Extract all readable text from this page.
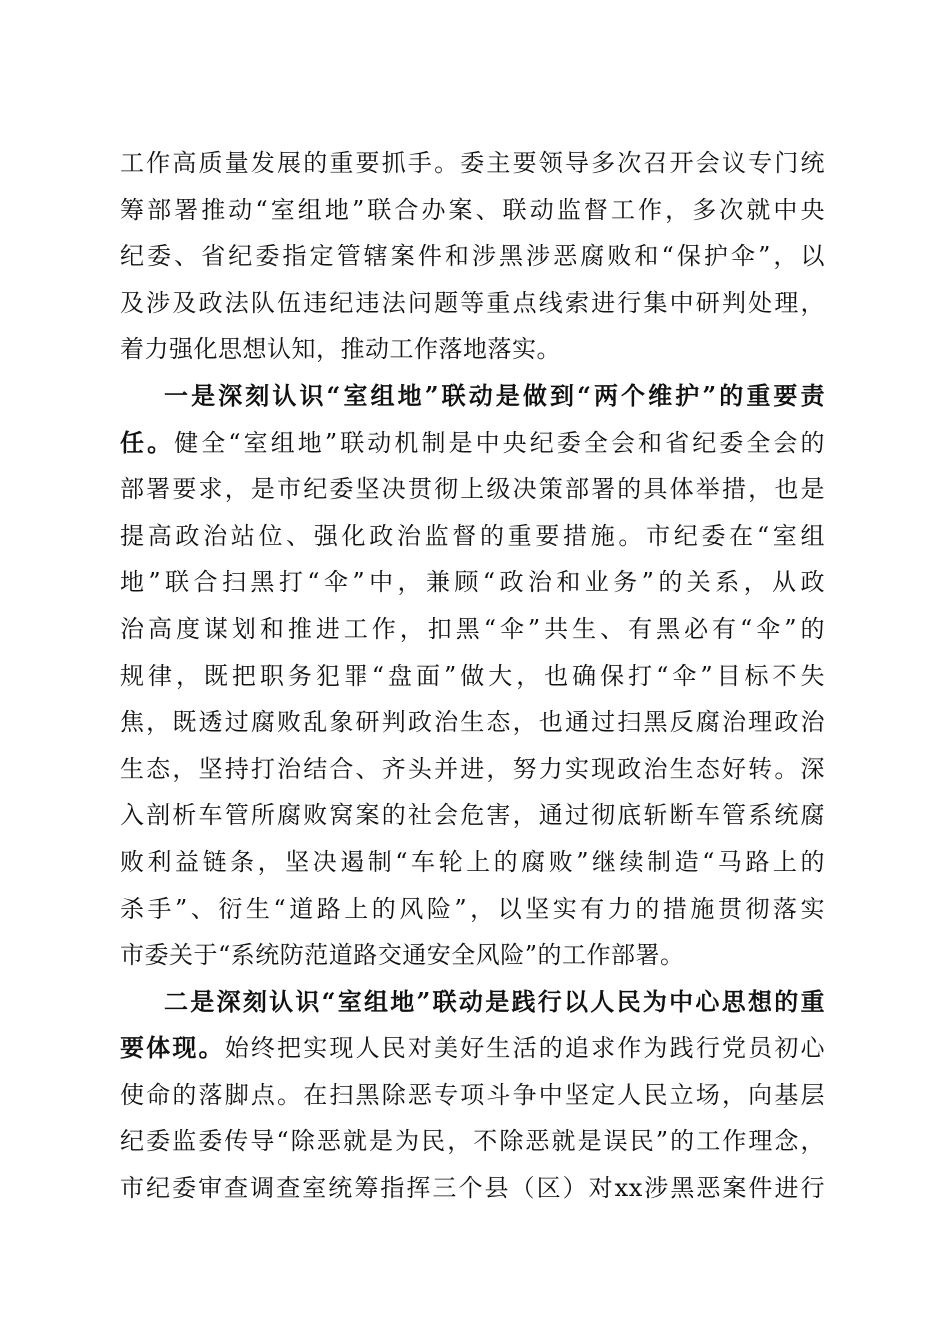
工作高质量发展的重要抓手。委主要领导多次召开会议专门统
筹部署推动“室组地”联合办案、联动监督工作，多次就中央
纪委、省纪委指定管辖案件和涉黑涉恶腐败和“保护伞”，以
及涉及政法队伍违纪违法问题等重点线索进行集中研判处理，
着力强化思想认知，推动工作落地落实。
一是深刻认识“室组地”联动是做到“两个维护”的重要责
任。健全“室组地”联动机制是中央纪委全会和省纪委全会的
部署要求，是市纪委坚决贯彻上级决策部署的具体举措，也是
提高政治站位、强化政治监督的重要措施。市纪委在“室组
地”联合扫黑打“伞”中，兼顾“政治和业务”的关系，从政
治高度谋划和推进工作，扣黑“伞”共生、有黑必有“伞”的
规律，既把职务犯罪“盘面”做大，也确保打“伞”目标不失
焦，既透过腐败乱象研判政治生态，也通过扫黑反腐治理政治
生态，坚持打治结合、齐头并进，努力实现政治生态好转。深
入剖析车管所腐败窝案的社会危害，通过彻底斩断车管系统腐
败利益链条，坚决遏制“车轮上的腐败”继续制造“马路上的
杀手”、衍生“道路上的风险”，以坚实有力的措施贯彻落实
市委关于“系统防范道路交通安全风险”的工作部署。
二是深刻认识“室组地”联动是践行以人民为中心思想的重
要体现。始终把实现人民对美好生活的追求作为践行党员初心
使命的落脚点。在扫黑除恶专项斗争中坚定人民立场，向基层
纪委监委传导“除恶就是为民，不除恶就是误民”的工作理念，
市纪委审查调查室统筹指挥三个县（区）对xx涉黑恶案件进行
